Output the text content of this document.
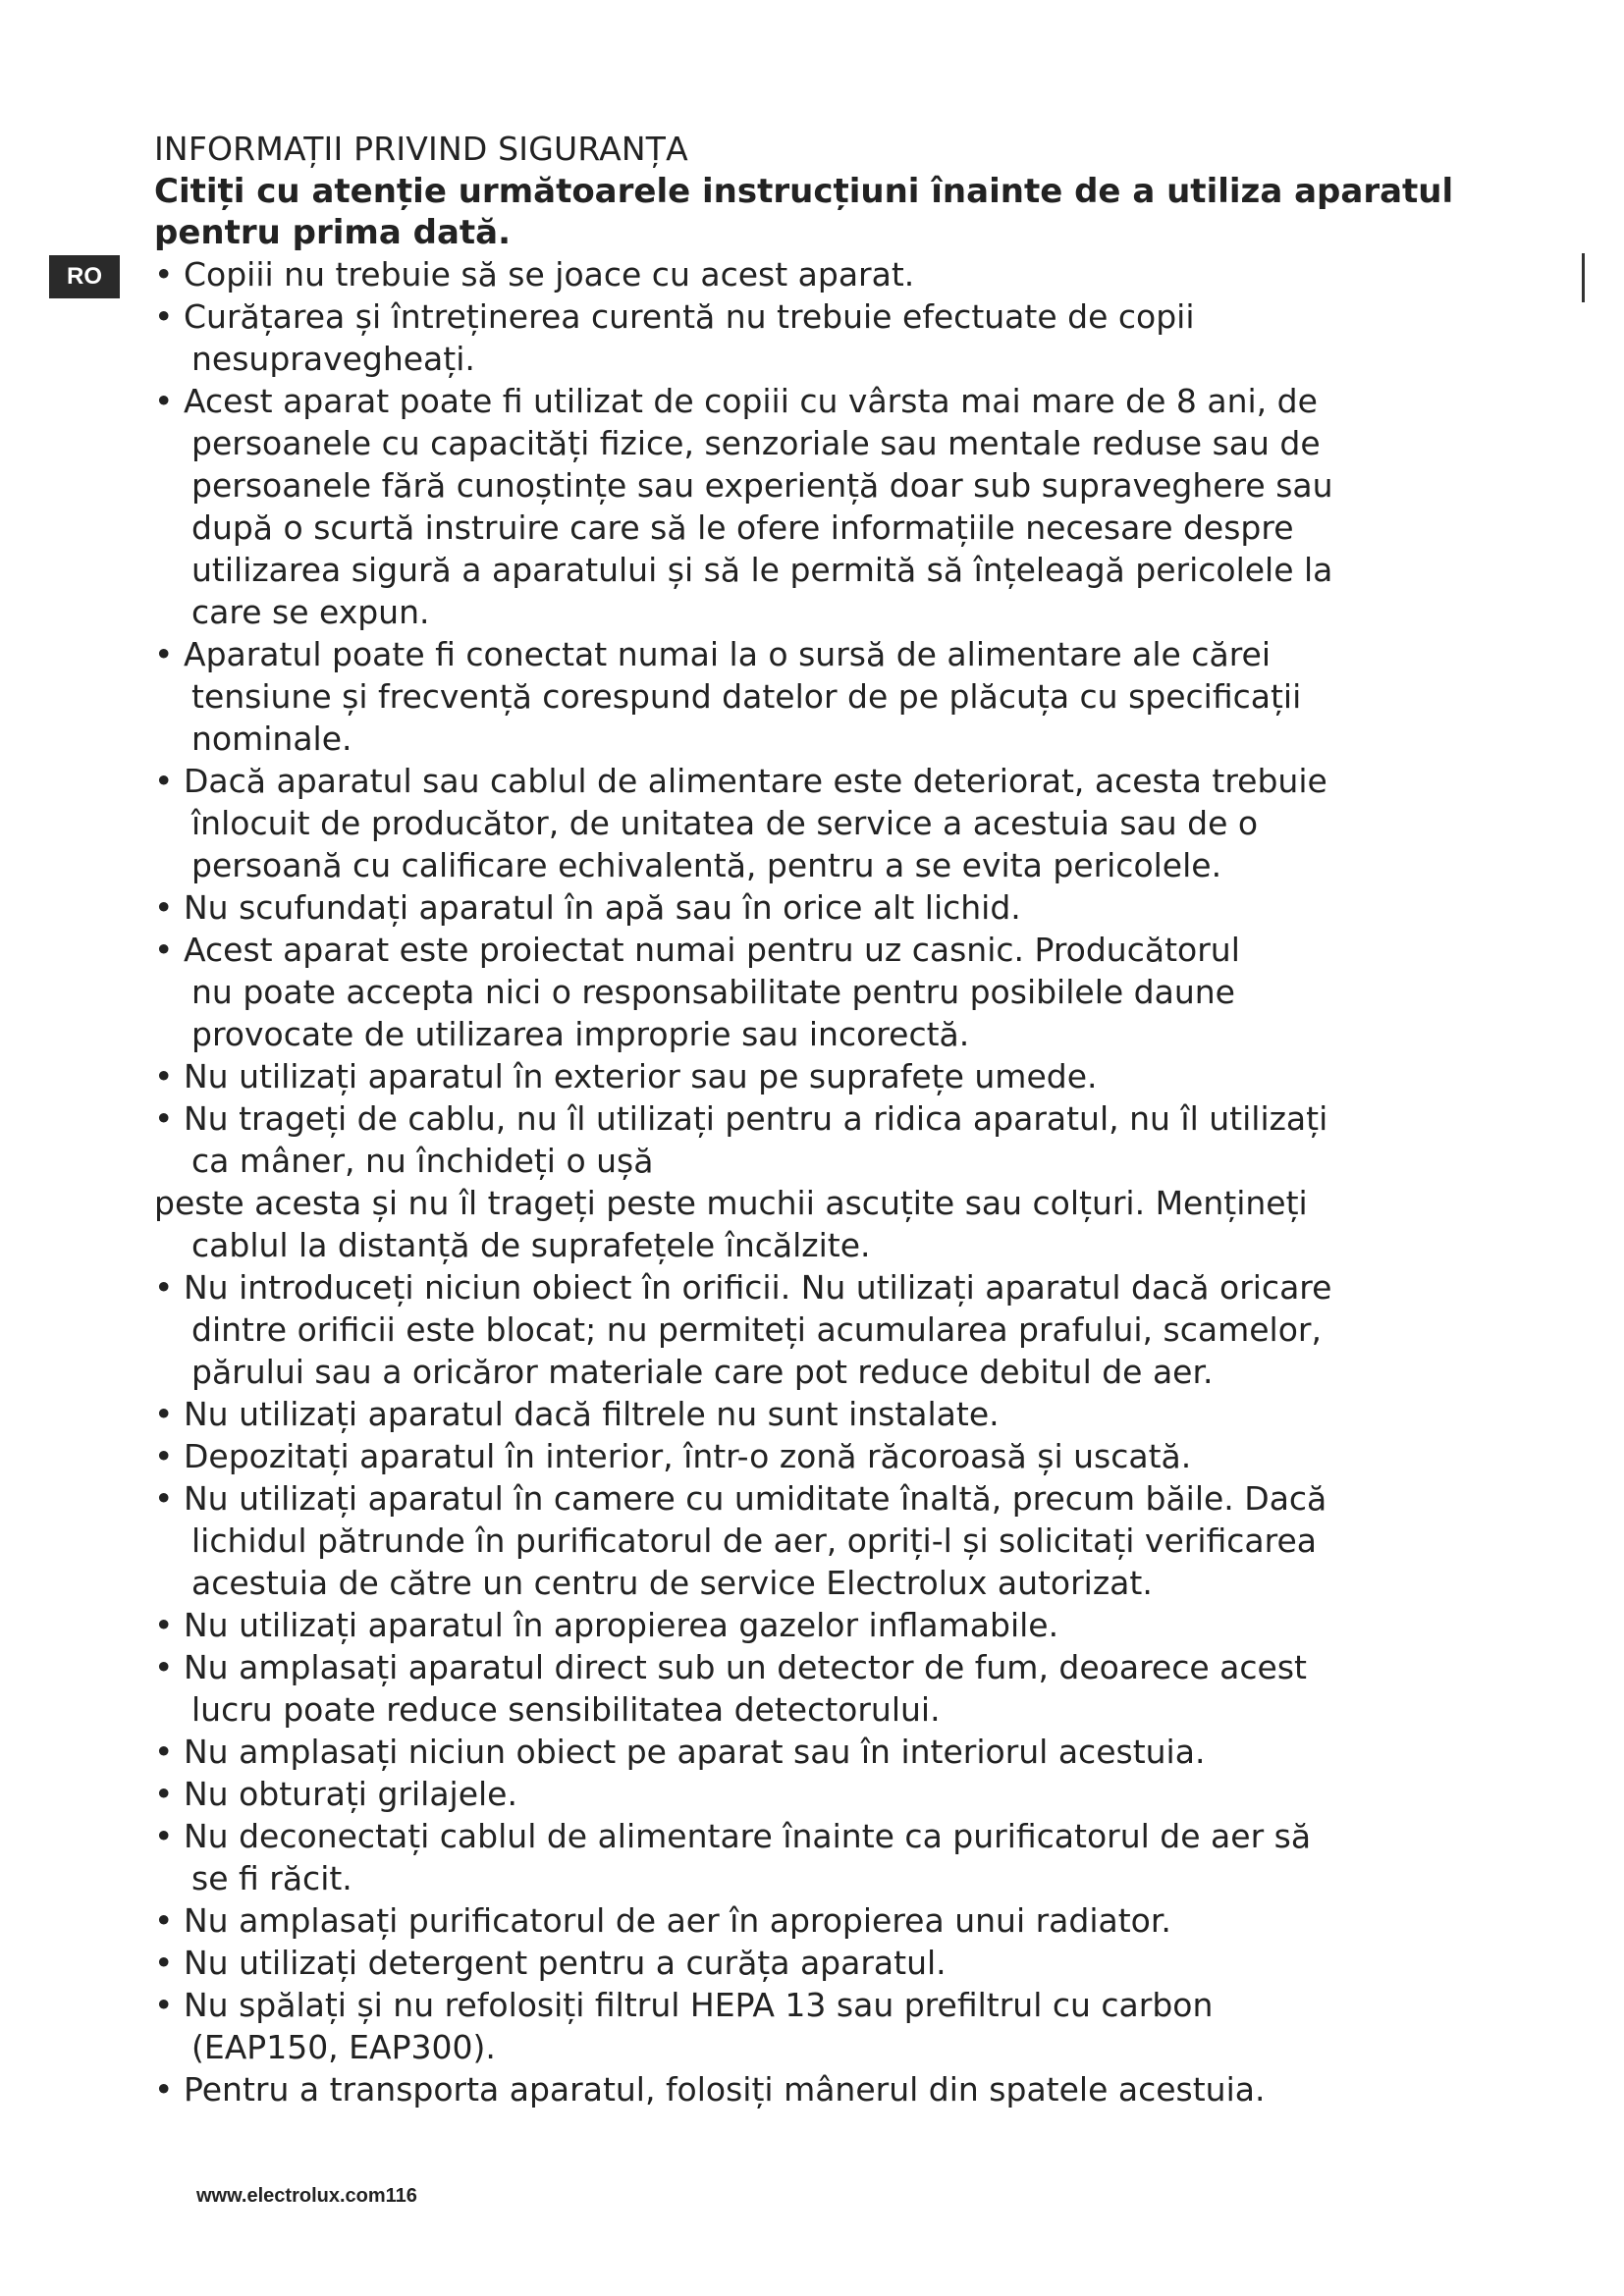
RO
INFORMAȚII PRIVIND SIGURANȚA

Citiți cu atenție următoarele instrucțiuni înainte de a utiliza aparatul pentru prima dată.

• Copiii nu trebuie să se joace cu acest aparat.
• Curățarea și întreținerea curentă nu trebuie efectuate de copii
nesupravegheați.
• Acest aparat poate fi utilizat de copiii cu vârsta mai mare de 8 ani, de
persoanele cu capacități fizice, senzoriale sau mentale reduse sau de
persoanele fără cunoștințe sau experiență doar sub supraveghere sau
după o scurtă instruire care să le ofere informațiile necesare despre
utilizarea sigură a aparatului și să le permită să înțeleagă pericolele la
care se expun.
• Aparatul poate fi conectat numai la o sursă de alimentare ale cărei
tensiune și frecvență corespund datelor de pe plăcuța cu specificații
nominale.
• Dacă aparatul sau cablul de alimentare este deteriorat, acesta trebuie
înlocuit de producător, de unitatea de service a acestuia sau de o
persoană cu calificare echivalentă, pentru a se evita pericolele.
• Nu scufundați aparatul în apă sau în orice alt lichid.
• Acest aparat este proiectat numai pentru uz casnic. Producătorul
nu poate accepta nici o responsabilitate pentru posibilele daune
provocate de utilizarea improprie sau incorectă.
• Nu utilizați aparatul în exterior sau pe suprafețe umede.
• Nu trageți de cablu, nu îl utilizați pentru a ridica aparatul, nu îl utilizați
ca mâner, nu închideți o ușă
peste acesta și nu îl trageți peste muchii ascuțite sau colțuri. Mențineți
cablul la distanță de suprafețele încălzite.
• Nu introduceți niciun obiect în orificii. Nu utilizați aparatul dacă oricare
dintre orificii este blocat; nu permiteți acumularea prafului, scamelor,
părului sau a oricăror materiale care pot reduce debitul de aer.
• Nu utilizați aparatul dacă filtrele nu sunt instalate.
• Depozitați aparatul în interior, într-o zonă răcoroasă și uscată.
• Nu utilizați aparatul în camere cu umiditate înaltă, precum băile. Dacă
lichidul pătrunde în purificatorul de aer, opriți-l și solicitați verificarea
acestuia de către un centru de service Electrolux autorizat.
• Nu utilizați aparatul în apropierea gazelor inflamabile.
• Nu amplasați aparatul direct sub un detector de fum, deoarece acest
lucru poate reduce sensibilitatea detectorului.
• Nu amplasați niciun obiect pe aparat sau în interiorul acestuia.
• Nu obturați grilajele.
• Nu deconectați cablul de alimentare înainte ca purificatorul de aer să
se fi răcit.
• Nu amplasați purificatorul de aer în apropierea unui radiator.
• Nu utilizați detergent pentru a curăța aparatul.
• Nu spălați și nu refolosiți filtrul HEPA 13 sau prefiltrul cu carbon
(EAP150, EAP300).
• Pentru a transporta aparatul, folosiți mânerul din spatele acestuia.
www.electrolux.com116
